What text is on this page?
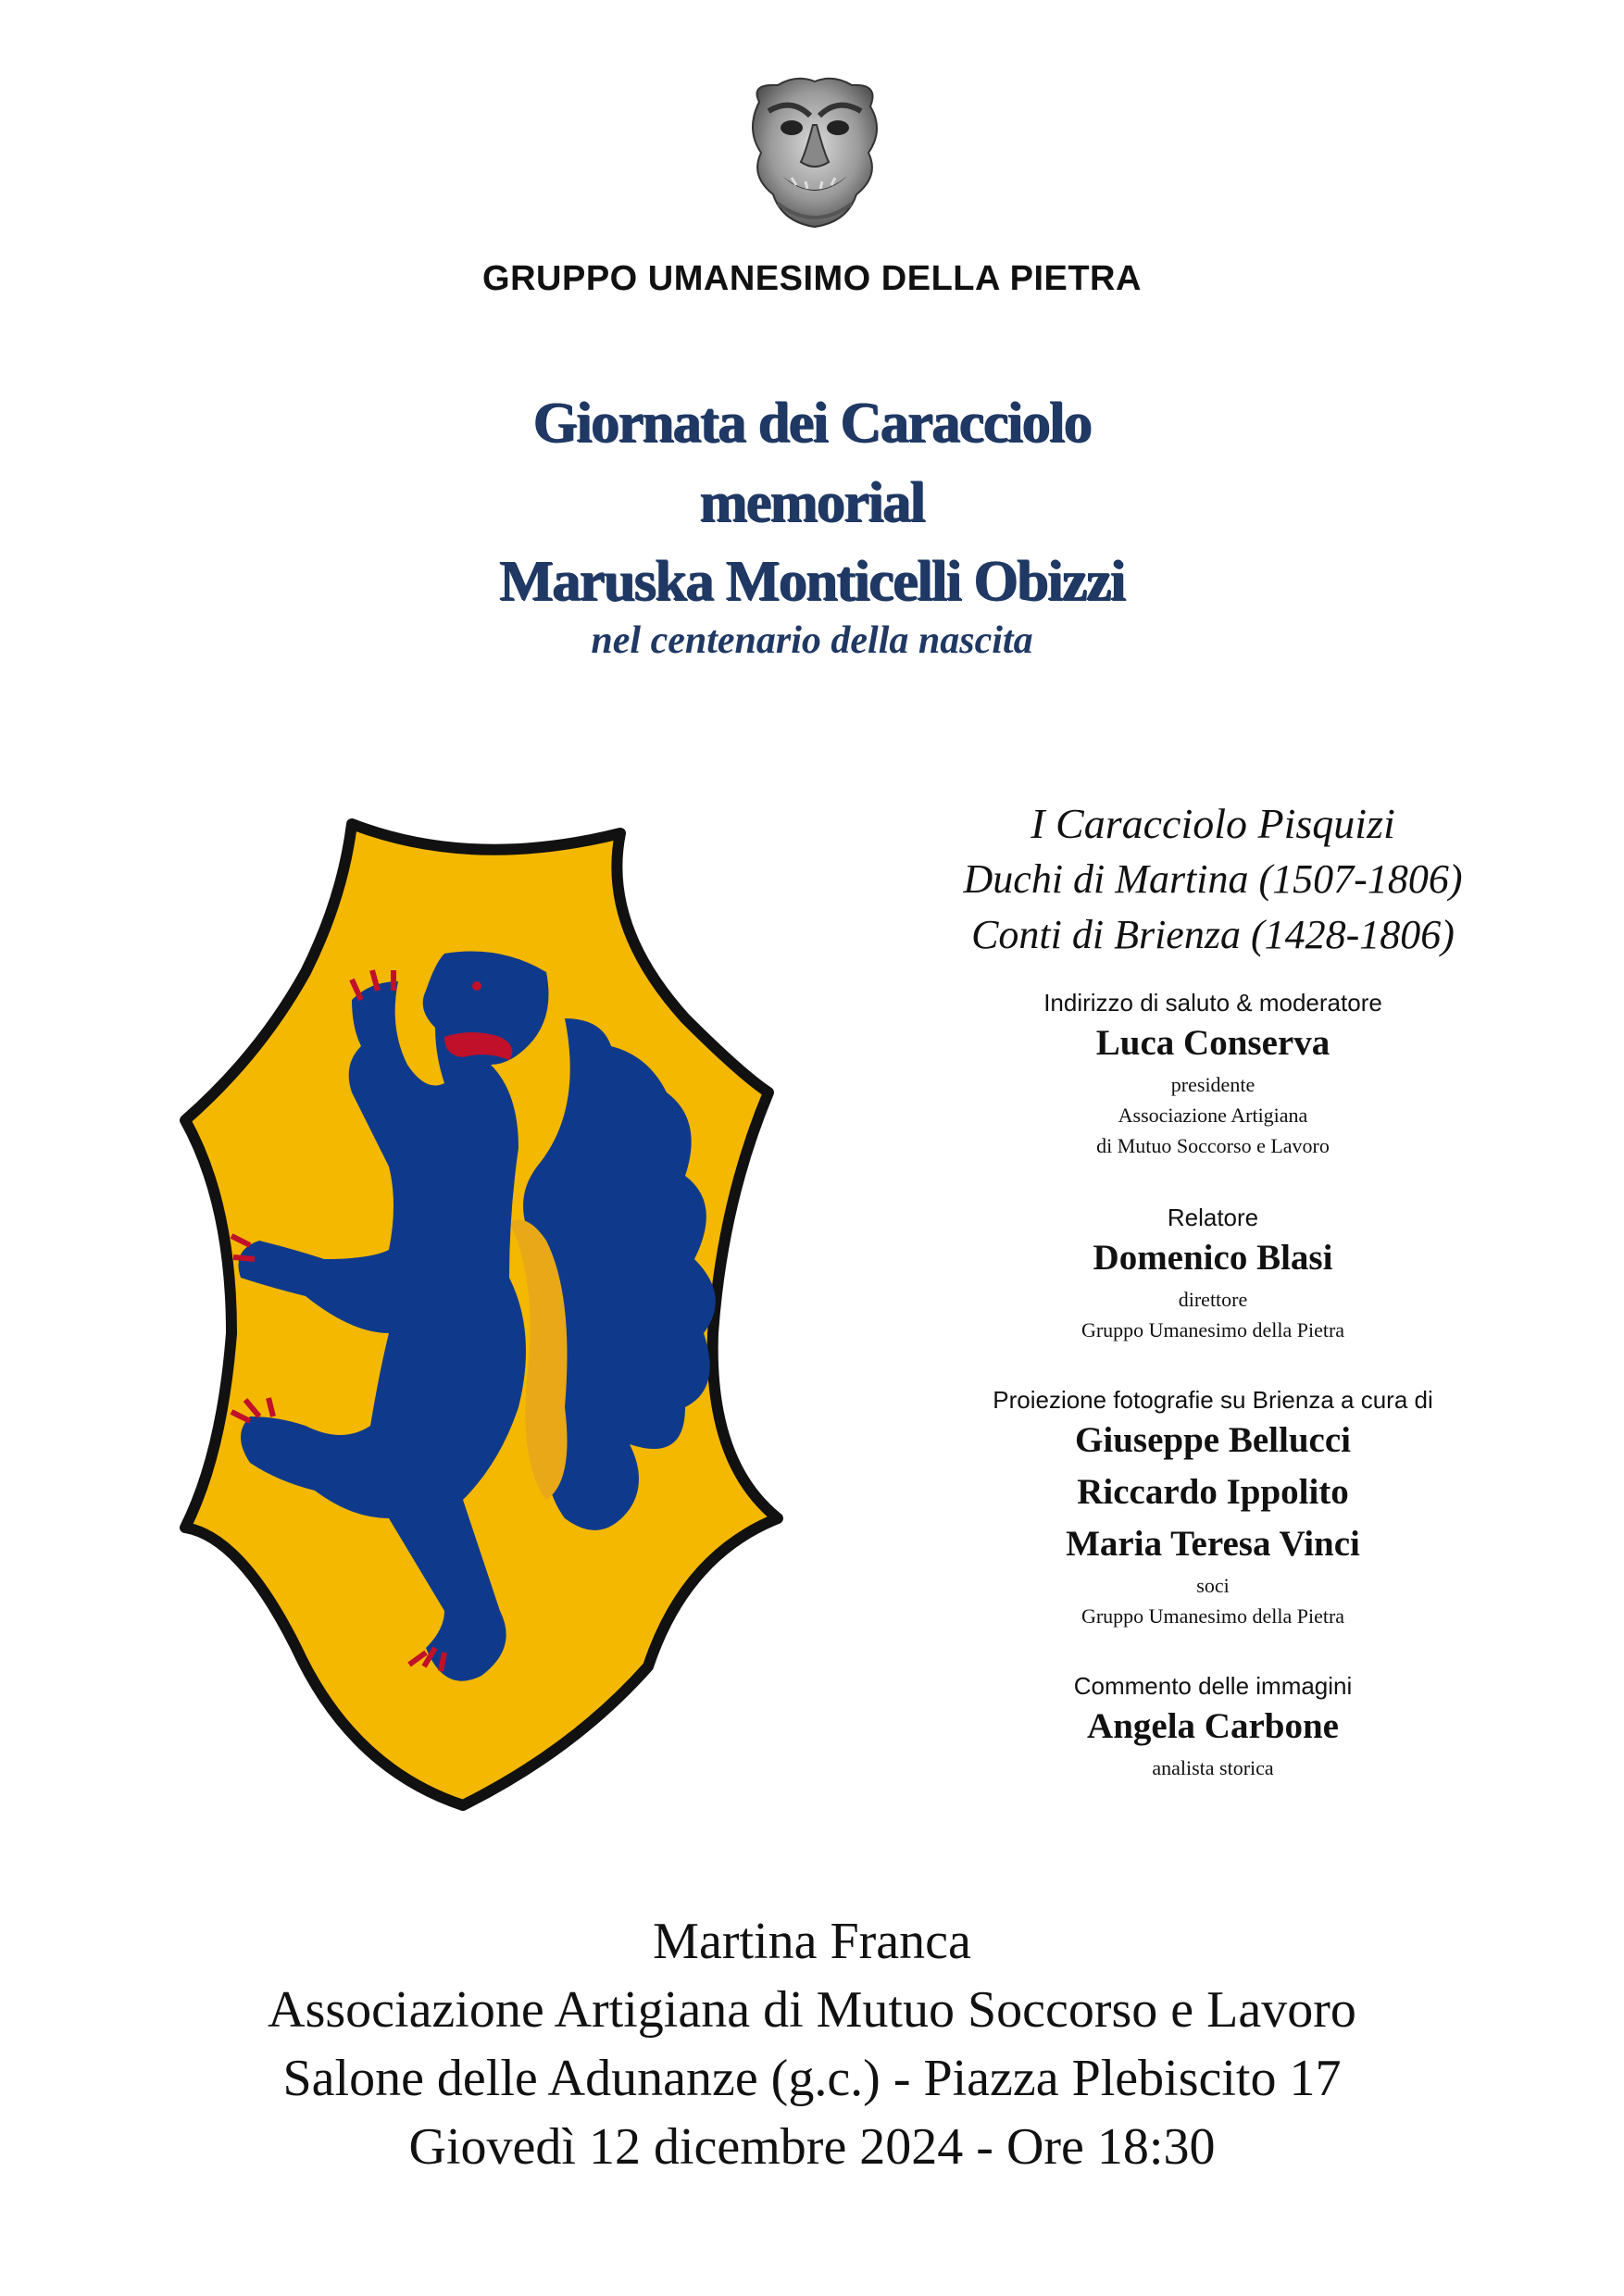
GRUPPO UMANESIMO DELLA PIETRA
Giornata dei Caracciolo
memorial
Maruska Monticelli Obizzi
nel centenario della nascita
I Caracciolo Pisquizi
Duchi di Martina (1507-1806)
Conti di Brienza (1428-1806)
Indirizzo di saluto & moderatore
Luca Conserva
presidente
Associazione Artigiana
di Mutuo Soccorso e Lavoro
Relatore
Domenico Blasi
direttore
Gruppo Umanesimo della Pietra
Proiezione fotografie su Brienza a cura di
Giuseppe Bellucci
Riccardo Ippolito
Maria Teresa Vinci
soci
Gruppo Umanesimo della Pietra
Commento delle immagini
Angela Carbone
analista storica
Martina Franca
Associazione Artigiana di Mutuo Soccorso e Lavoro
Salone delle Adunanze (g.c.) - Piazza Plebiscito 17
Giovedì 12 dicembre 2024 - Ore 18:30
